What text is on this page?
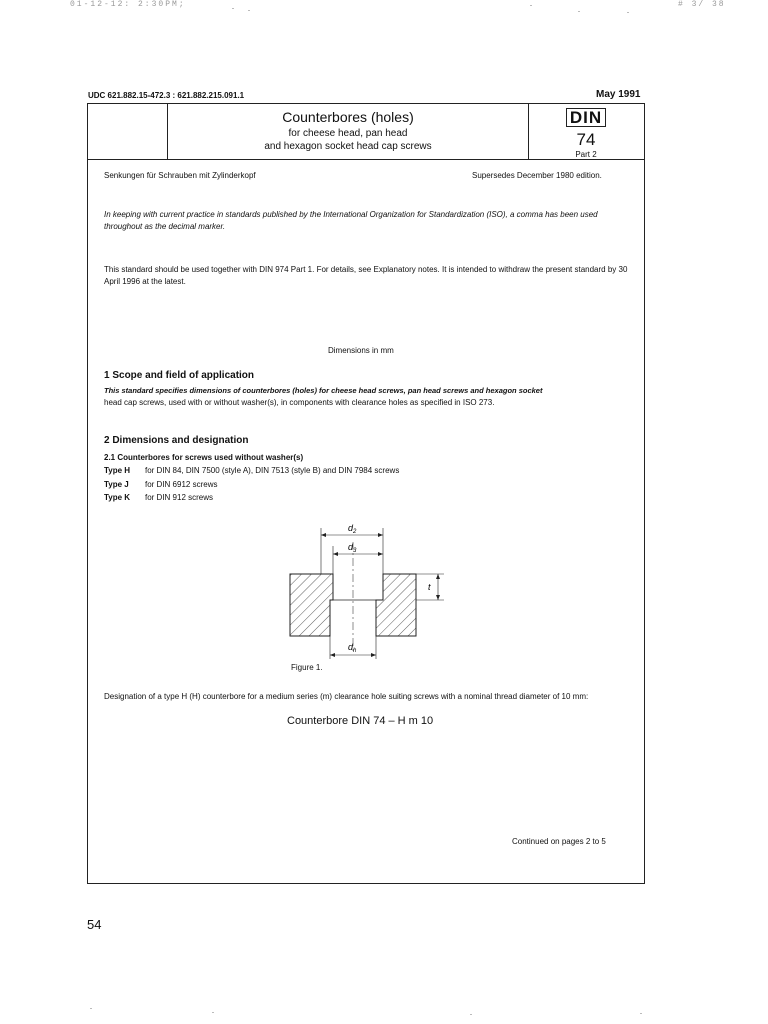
01-12-12: 2:30PM;	# 3/ 38
UDC 621.882.15-472.3 : 621.882.215.091.1	May 1991
Counterbores (holes)
for cheese head, pan head
and hexagon socket head cap screws
DIN
74
Part 2
Senkungen für Schrauben mit Zylinderkopf	Supersedes December 1980 edition.
In keeping with current practice in standards published by the International Organization for Standardization (ISO), a comma has been used throughout as the decimal marker.
This standard should be used together with DIN 974 Part 1. For details, see Explanatory notes. It is intended to withdraw the present standard by 30 April 1996 at the latest.
Dimensions in mm
1 Scope and field of application
This standard specifies dimensions of counterbores (holes) for cheese head screws, pan head screws and hexagon socket
head cap screws, used with or without washer(s), in components with clearance holes as specified in ISO 273.
2 Dimensions and designation
2.1 Counterbores for screws used without washer(s)
Type H for DIN 84, DIN 7500 (style A), DIN 7513 (style B) and DIN 7984 screws
Type J for DIN 6912 screws
Type K for DIN 912 screws
$d_2$
$d_3$
t
$d_h$
Figure 1.
Designation of a type H (H) counterbore for a medium series (m) clearance hole suiting screws with a nominal thread diameter of 10 mm:
Counterbore DIN 74 – H m 10
Continued on pages 2 to 5
54
